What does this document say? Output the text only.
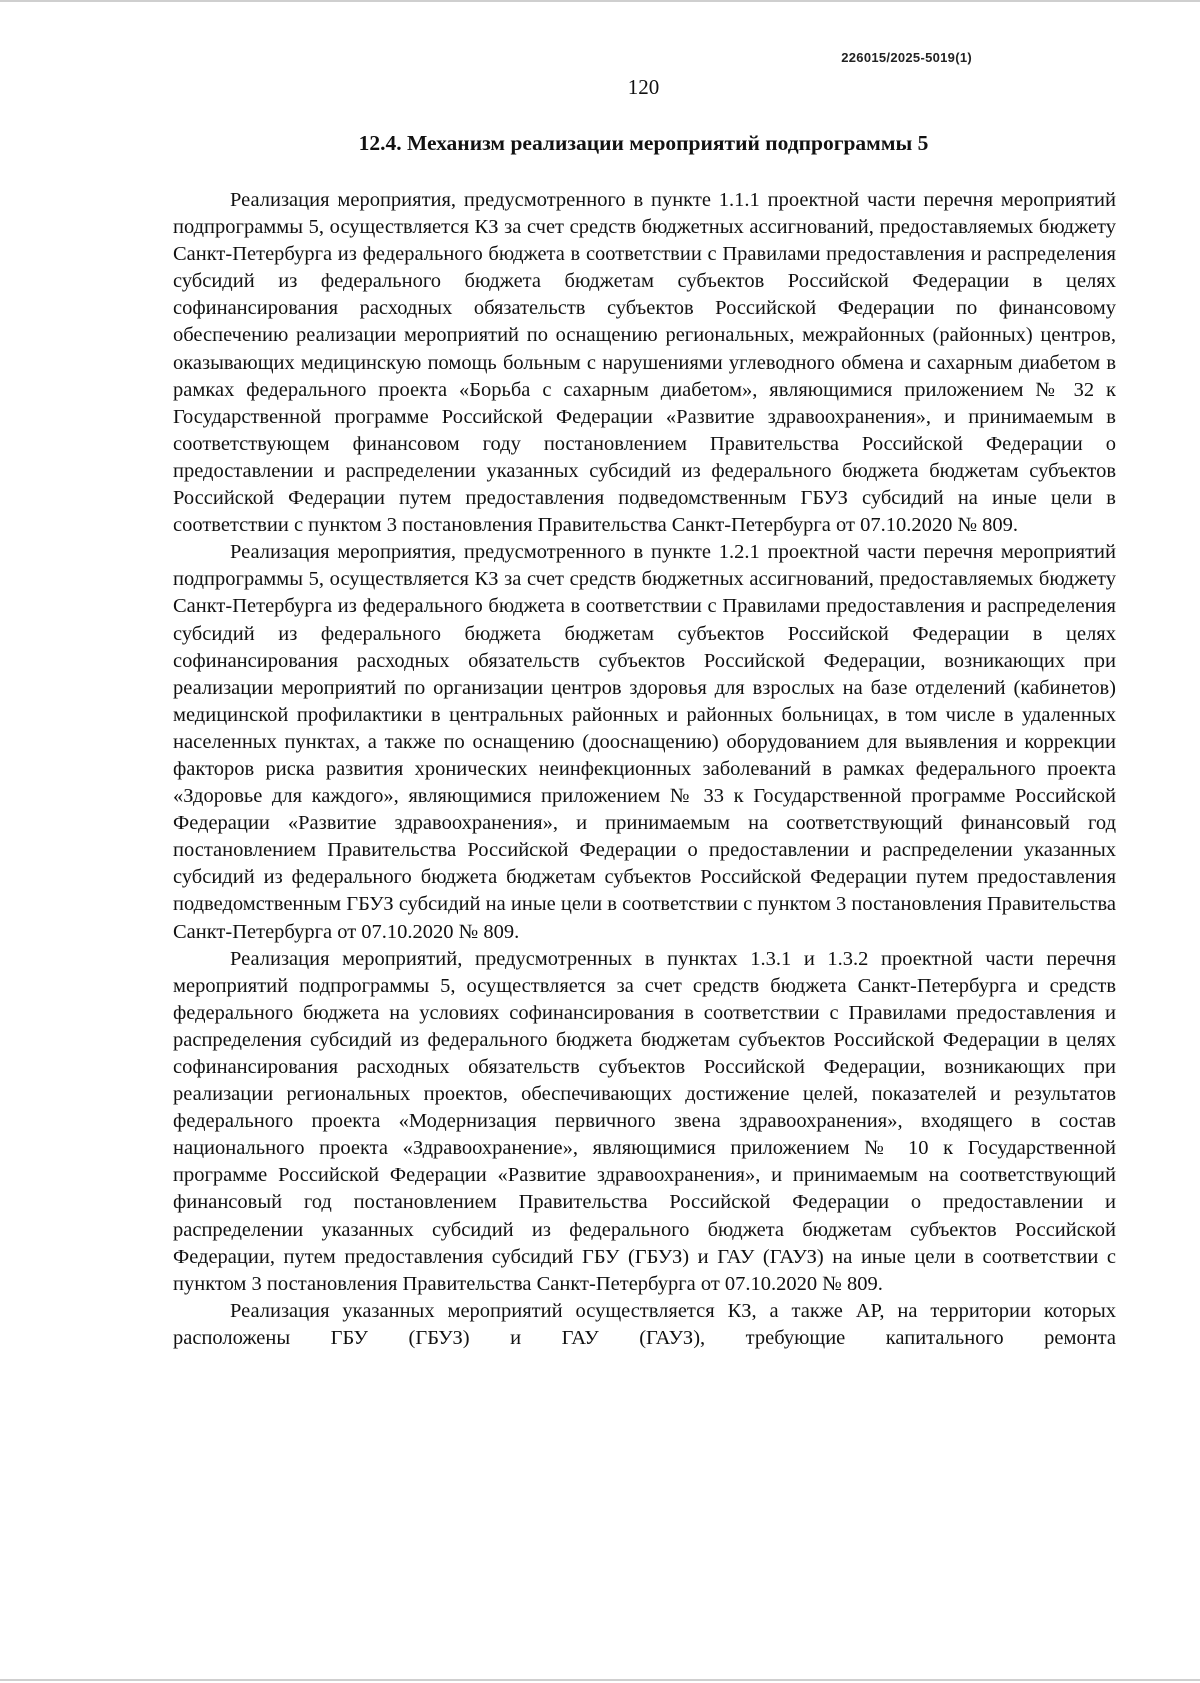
226015/2025-5019(1)
120
12.4. Механизм реализации мероприятий подпрограммы 5

Реализация мероприятия, предусмотренного в пункте 1.1.1 проектной части перечня мероприятий подпрограммы 5, осуществляется КЗ за счет средств бюджетных ассигнований, предоставляемых бюджету Санкт-Петербурга из федерального бюджета в соответствии с Правилами предоставления и распределения субсидий из федерального бюджета бюджетам субъектов Российской Федерации в целях софинансирования расходных обязательств субъектов Российской Федерации по финансовому обеспечению реализации мероприятий по оснащению региональных, межрайонных (районных) центров, оказывающих медицинскую помощь больным с нарушениями углеводного обмена и сахарным диабетом в рамках федерального проекта «Борьба с сахарным диабетом», являющимися приложением № 32 к Государственной программе Российской Федерации «Развитие здравоохранения», и принимаемым в соответствующем финансовом году постановлением Правительства Российской Федерации о предоставлении и распределении указанных субсидий из федерального бюджета бюджетам субъектов Российской Федерации путем предоставления подведомственным ГБУЗ субсидий на иные цели в соответствии с пунктом 3 постановления Правительства Санкт-Петербурга от 07.10.2020 № 809.

Реализация мероприятия, предусмотренного в пункте 1.2.1 проектной части перечня мероприятий подпрограммы 5, осуществляется КЗ за счет средств бюджетных ассигнований, предоставляемых бюджету Санкт-Петербурга из федерального бюджета в соответствии с Правилами предоставления и распределения субсидий из федерального бюджета бюджетам субъектов Российской Федерации в целях софинансирования расходных обязательств субъектов Российской Федерации, возникающих при реализации мероприятий по организации центров здоровья для взрослых на базе отделений (кабинетов) медицинской профилактики в центральных районных и районных больницах, в том числе в удаленных населенных пунктах, а также по оснащению (дооснащению) оборудованием для выявления и коррекции факторов риска развития хронических неинфекционных заболеваний в рамках федерального проекта «Здоровье для каждого», являющимися приложением № 33 к Государственной программе Российской Федерации «Развитие здравоохранения», и принимаемым на соответствующий финансовый год постановлением Правительства Российской Федерации о предоставлении и распределении указанных субсидий из федерального бюджета бюджетам субъектов Российской Федерации путем предоставления подведомственным ГБУЗ субсидий на иные цели в соответствии с пунктом 3 постановления Правительства Санкт-Петербурга от 07.10.2020 № 809.

Реализация мероприятий, предусмотренных в пунктах 1.3.1 и 1.3.2 проектной части перечня мероприятий подпрограммы 5, осуществляется за счет средств бюджета Санкт-Петербурга и средств федерального бюджета на условиях софинансирования в соответствии с Правилами предоставления и распределения субсидий из федерального бюджета бюджетам субъектов Российской Федерации в целях софинансирования расходных обязательств субъектов Российской Федерации, возникающих при реализации региональных проектов, обеспечивающих достижение целей, показателей и результатов федерального проекта «Модернизация первичного звена здравоохранения», входящего в состав национального проекта «Здравоохранение», являющимися приложением № 10 к Государственной программе Российской Федерации «Развитие здравоохранения», и принимаемым на соответствующий финансовый год постановлением Правительства Российской Федерации о предоставлении и распределении указанных субсидий из федерального бюджета бюджетам субъектов Российской Федерации, путем предоставления субсидий ГБУ (ГБУЗ) и ГАУ (ГАУЗ) на иные цели в соответствии с пунктом 3 постановления Правительства Санкт-Петербурга от 07.10.2020 № 809.

Реализация указанных мероприятий осуществляется КЗ, а также АР, на территории которых расположены ГБУ (ГБУЗ) и ГАУ (ГАУЗ), требующие капитального ремонта
